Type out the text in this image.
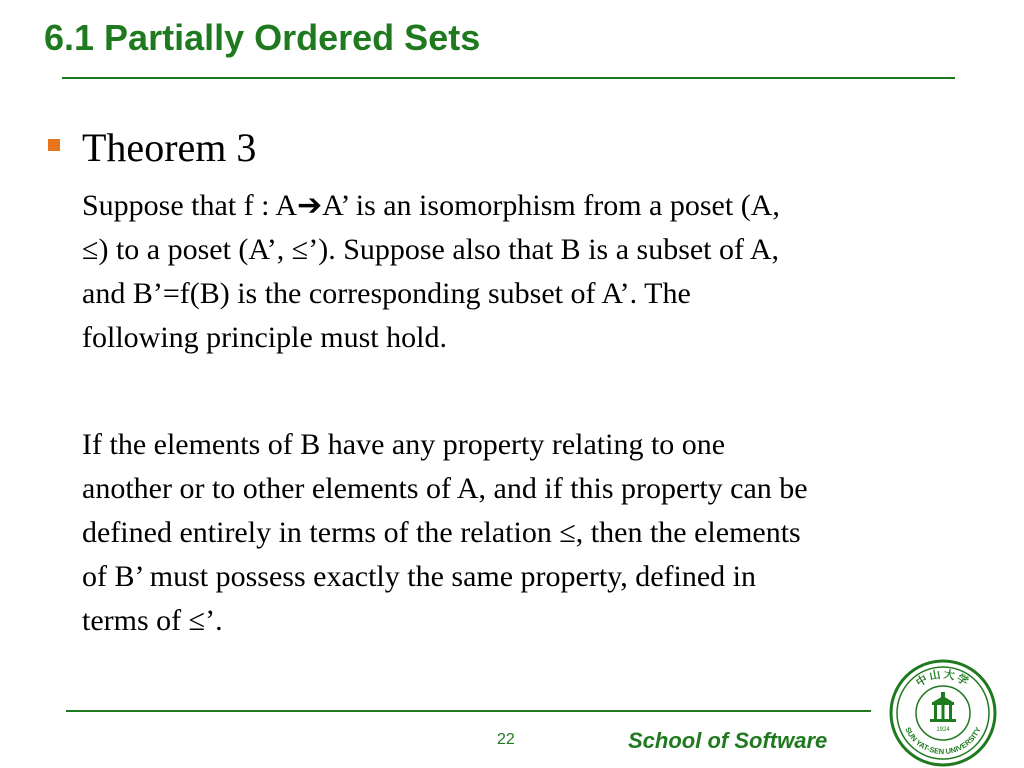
6.1 Partially Ordered Sets
Theorem 3

Suppose that f : A➔A’ is an isomorphism from a poset (A,
≤) to a poset (A’, ≤’). Suppose also that B is a subset of A,
and B’=f(B) is the corresponding subset of A’. The
following principle must hold.

If the elements of B have any property relating to one
another or to other elements of A, and if this property can be
defined entirely in terms of the relation ≤, then the elements
of B’ must possess exactly the same property, defined in
terms of ≤’.

22	School of Software
中山大学
SUN YAT-SEN UNIVERSITY
1924
